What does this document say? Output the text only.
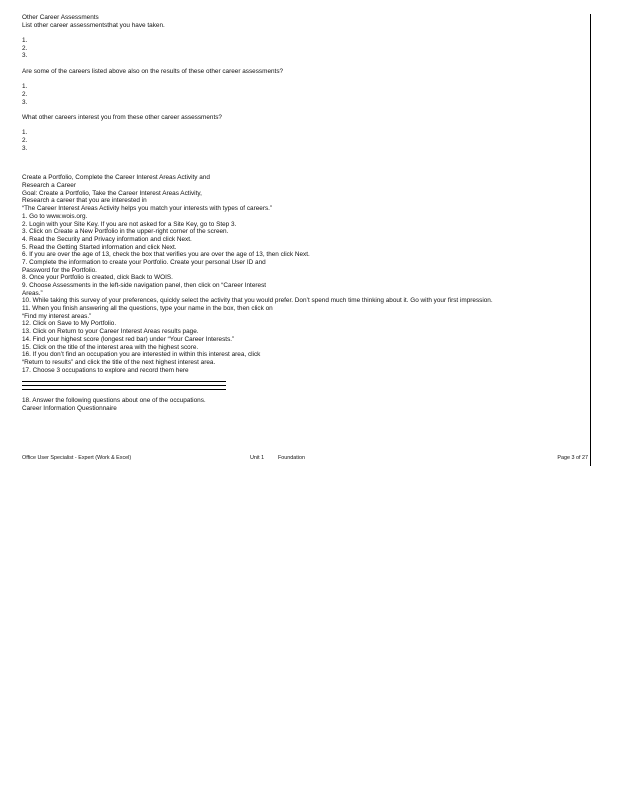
Other Career Assessments
List other career assessmentsthat you have taken.
1.
2.
3.
Are some of the careers listed above also on the results of these other career assessments?
1.
2.
3.
What other careers interest you from these other career assessments?
1.
2.
3.
Create a Portfolio, Complete the Career Interest Areas Activity and
Research a Career
Goal: Create a Portfolio, Take the Career Interest Areas Activity,
Research a career that you are interested in
“The Career Interest Areas Activity helps you match your interests with types of careers.”
1. Go to www.wois.org.
2. Login with your Site Key. If you are not asked for a Site Key, go to Step 3.
3. Click on Create a New Portfolio in the upper-right corner of the screen.
4. Read the Security and Privacy information and click Next.
5. Read the Getting Started information and click Next.
6. If you are over the age of 13, check the box that verifies you are over the age of 13, then click Next.
7. Complete the information to create your Portfolio. Create your personal User ID and
Password for the Portfolio.
8. Once your Portfolio is created, click Back to WOIS.
9. Choose Assessments in the left-side navigation panel, then click on “Career Interest
Areas.”
10. While taking this survey of your preferences, quickly select the activity that you would prefer. Don’t spend much time thinking about it. Go with your first impression.
11. When you finish answering all the questions, type your name in the box, then click on
“Find my interest areas.”
12. Click on Save to My Portfolio.
13. Click on Return to your Career Interest Areas results page.
14. Find your highest score (longest red bar) under “Your Career Interests.”
15. Click on the title of the interest area with the highest score.
16. If you don’t find an occupation you are interested in within this interest area, click
“Return to results” and click the title of the next highest interest area.
17. Choose 3 occupations to explore and record them here
18. Answer the following questions about one of the occupations.
Career Information Questionnaire
Office User Specialist - Expert (Work & Excel)	Unit 1	Foundation	Page 3 of 27
